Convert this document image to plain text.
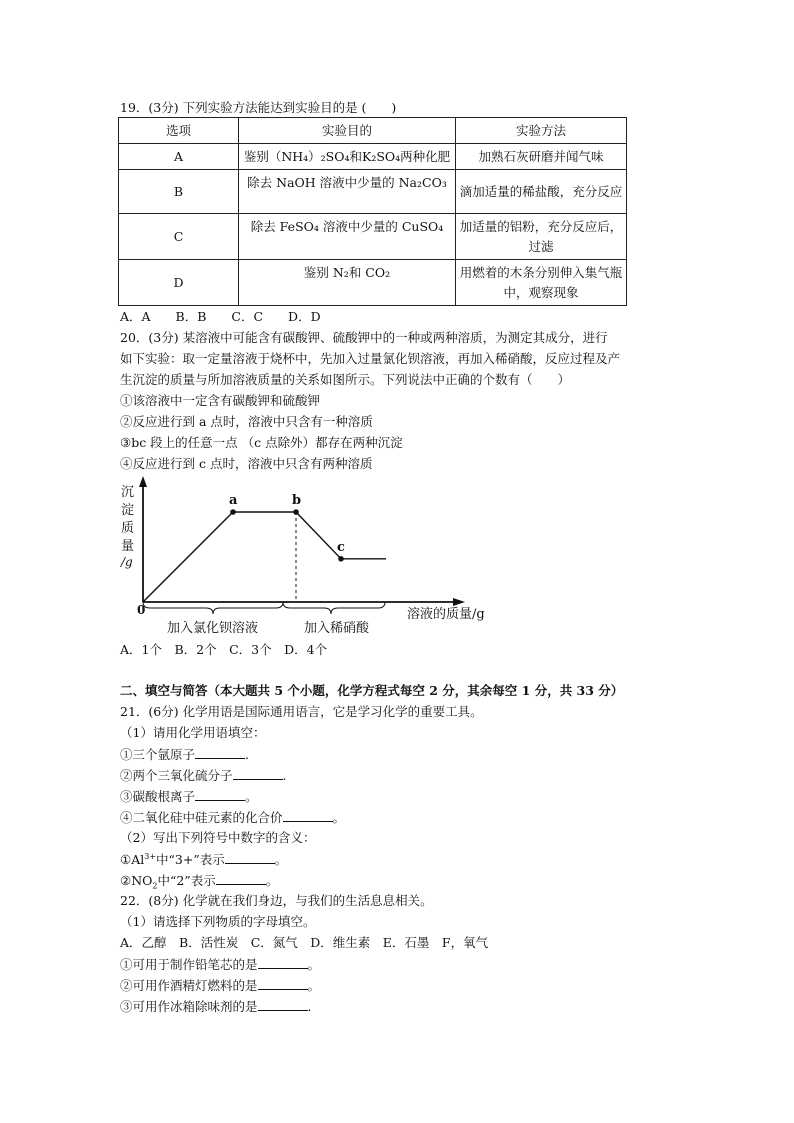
19．(3分) 下列实验方法能达到实验目的是 (　　)
选项	实验目的	实验方法
A	鉴别（NH₄）₂SO₄和K₂SO₄两种化肥	加熟石灰研磨并闻气味
B	除去 NaOH 溶液中少量的 Na₂CO₃	滴加适量的稀盐酸，充分反应
C	除去 FeSO₄ 溶液中少量的 CuSO₄	加适量的铝粉，充分反应后，过滤
D	鉴别 N₂和 CO₂	用燃着的木条分别伸入集气瓶中，观察现象
A．A　　B．B　　C．C　　D．D
20．(3分) 某溶液中可能含有碳酸钾、硫酸钾中的一种或两种溶质，为测定其成分，进行
如下实验：取一定量溶液于烧杯中，先加入过量氯化钡溶液，再加入稀硝酸，反应过程及产
生沉淀的质量与所加溶液质量的关系如图所示。下列说法中正确的个数有（　　）
①该溶液中一定含有碳酸钾和硫酸钾
②反应进行到 a 点时，溶液中只含有一种溶质
③bc 段上的任意一点 （c 点除外）都存在两种沉淀
④反应进行到 c 点时，溶液中只含有两种溶质
沉
淀
质
量
/g
0	溶液的质量/g
a	b
c
加入氯化钡溶液	加入稀硝酸
A．1个　B．2个　C．3个　D．4个
二、填空与简答（本大题共 5 个小题，化学方程式每空 2 分，其余每空 1 分，共 33 分）
21．(6分) 化学用语是国际通用语言，它是学习化学的重要工具。
（1）请用化学用语填空：
①三个氩原子	.
②两个三氧化硫分子	.
③碳酸根离子	。
④二氧化硅中硅元素的化合价	。
（2）写出下列符号中数字的含义：
$①Al^{3+}$中“3+”表示	。
$②NO_2$中“2”表示	。
22．(8分) 化学就在我们身边，与我们的生活息息相关。
（1）请选择下列物质的字母填空。
A．乙醇　B．活性炭　C．氮气　D．维生素　E．石墨　F，氧气
①可用于制作铅笔芯的是	。
②可用作酒精灯燃料的是	。
③可用作冰箱除味剂的是	.
